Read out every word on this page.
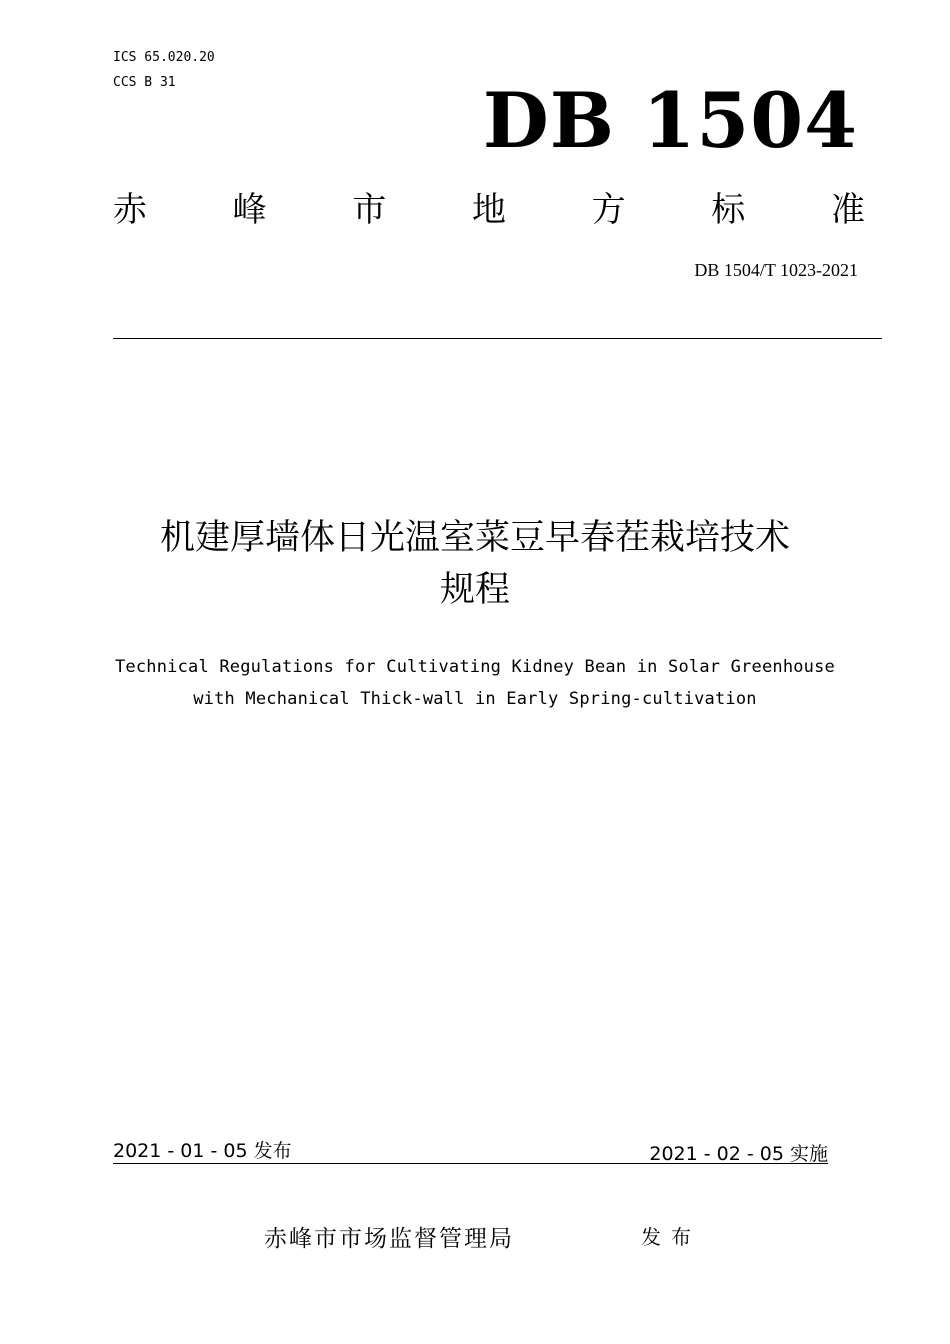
ICS 65.020.20
CCS B 31	DB 1504
赤	峰	市	地	方	标	准
DB 1504/T 1023-2021
机建厚墙体日光温室菜豆早春茬栽培技术
规程
Technical Regulations for Cultivating Kidney Bean in Solar Greenhouse
with Mechanical Thick-wall in Early Spring-cultivation
2021 - 01 - 05 发布	2021 - 02 - 05 实施
赤峰市市场监督管理局	发布
